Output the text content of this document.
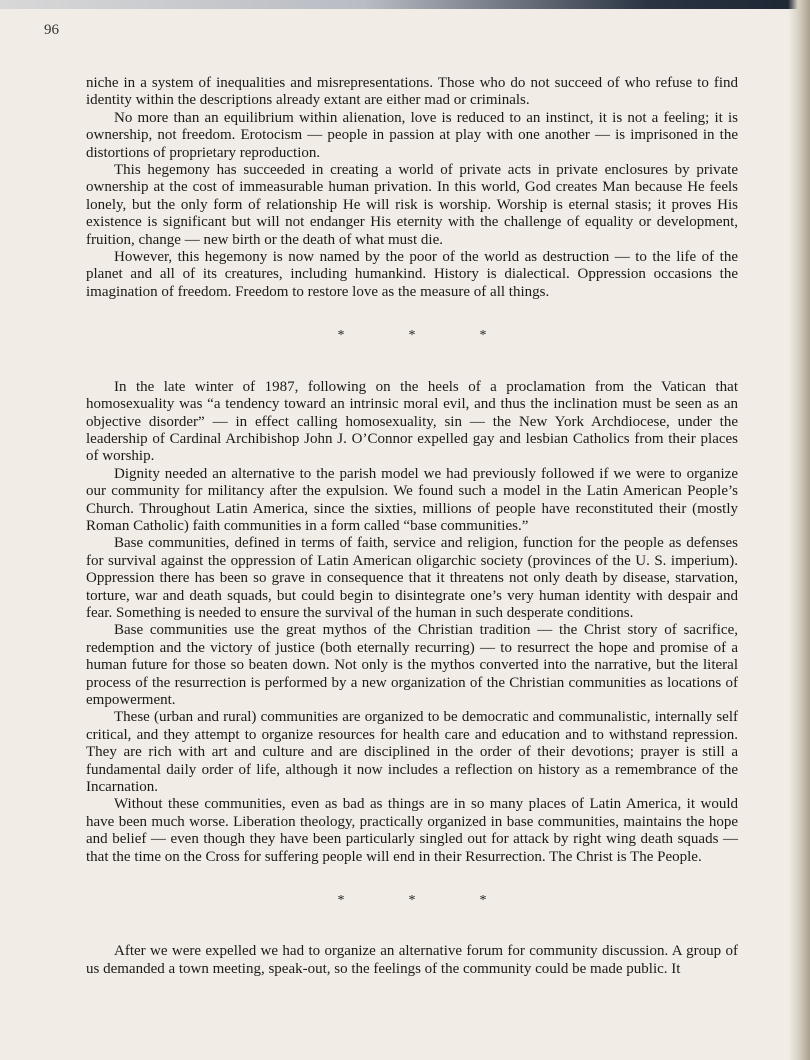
96

niche in a system of inequalities and misrepresentations. Those who do not succeed of who refuse to find identity within the descriptions already extant are either mad or criminals.

No more than an equilibrium within alienation, love is reduced to an instinct, it is not a feeling; it is ownership, not freedom. Erotocism — people in passion at play with one another — is imprisoned in the distortions of proprietary reproduction.

This hegemony has succeeded in creating a world of private acts in private enclosures by private ownership at the cost of immeasurable human privation. In this world, God creates Man because He feels lonely, but the only form of relationship He will risk is worship. Worship is eternal stasis; it proves His existence is significant but will not endanger His eternity with the challenge of equality or development, fruition, change — new birth or the death of what must die.

However, this hegemony is now named by the poor of the world as destruction — to the life of the planet and all of its creatures, including humankind. History is dialectical. Oppression occasions the imagination of freedom. Freedom to restore love as the measure of all things.

*	*	*

In the late winter of 1987, following on the heels of a proclamation from the Vatican that homosexuality was “a tendency toward an intrinsic moral evil, and thus the inclination must be seen as an objective disorder” — in effect calling homosexuality, sin — the New York Archdiocese, under the leadership of Cardinal Archibishop John J. O’Connor expelled gay and lesbian Catholics from their places of worship.

Dignity needed an alternative to the parish model we had previously followed if we were to organize our community for militancy after the expulsion. We found such a model in the Latin American People’s Church. Throughout Latin America, since the sixties, millions of people have reconstituted their (mostly Roman Catholic) faith communities in a form called “base communities.”

Base communities, defined in terms of faith, service and religion, function for the people as defenses for survival against the oppression of Latin American oligarchic society (provinces of the U. S. imperium). Oppression there has been so grave in consequence that it threatens not only death by disease, starvation, torture, war and death squads, but could begin to disintegrate one’s very human identity with despair and fear. Something is needed to ensure the survival of the human in such desperate conditions.

Base communities use the great mythos of the Christian tradition — the Christ story of sacrifice, redemption and the victory of justice (both eternally recurring) — to resurrect the hope and promise of a human future for those so beaten down. Not only is the mythos converted into the narrative, but the literal process of the resurrection is performed by a new organization of the Christian communities as locations of empowerment.

These (urban and rural) communities are organized to be democratic and communalistic, internally self critical, and they attempt to organize resources for health care and education and to withstand repression. They are rich with art and culture and are disciplined in the order of their devotions; prayer is still a fundamental daily order of life, although it now includes a reflection on history as a remembrance of the Incarnation.

Without these communities, even as bad as things are in so many places of Latin America, it would have been much worse. Liberation theology, practically organized in base communities, maintains the hope and belief — even though they have been particularly singled out for attack by right wing death squads — that the time on the Cross for suffering people will end in their Resurrection. The Christ is The People.

*	*	*

After we were expelled we had to organize an alternative forum for community discussion. A group of us demanded a town meeting, speak-out, so the feelings of the community could be made public. It
